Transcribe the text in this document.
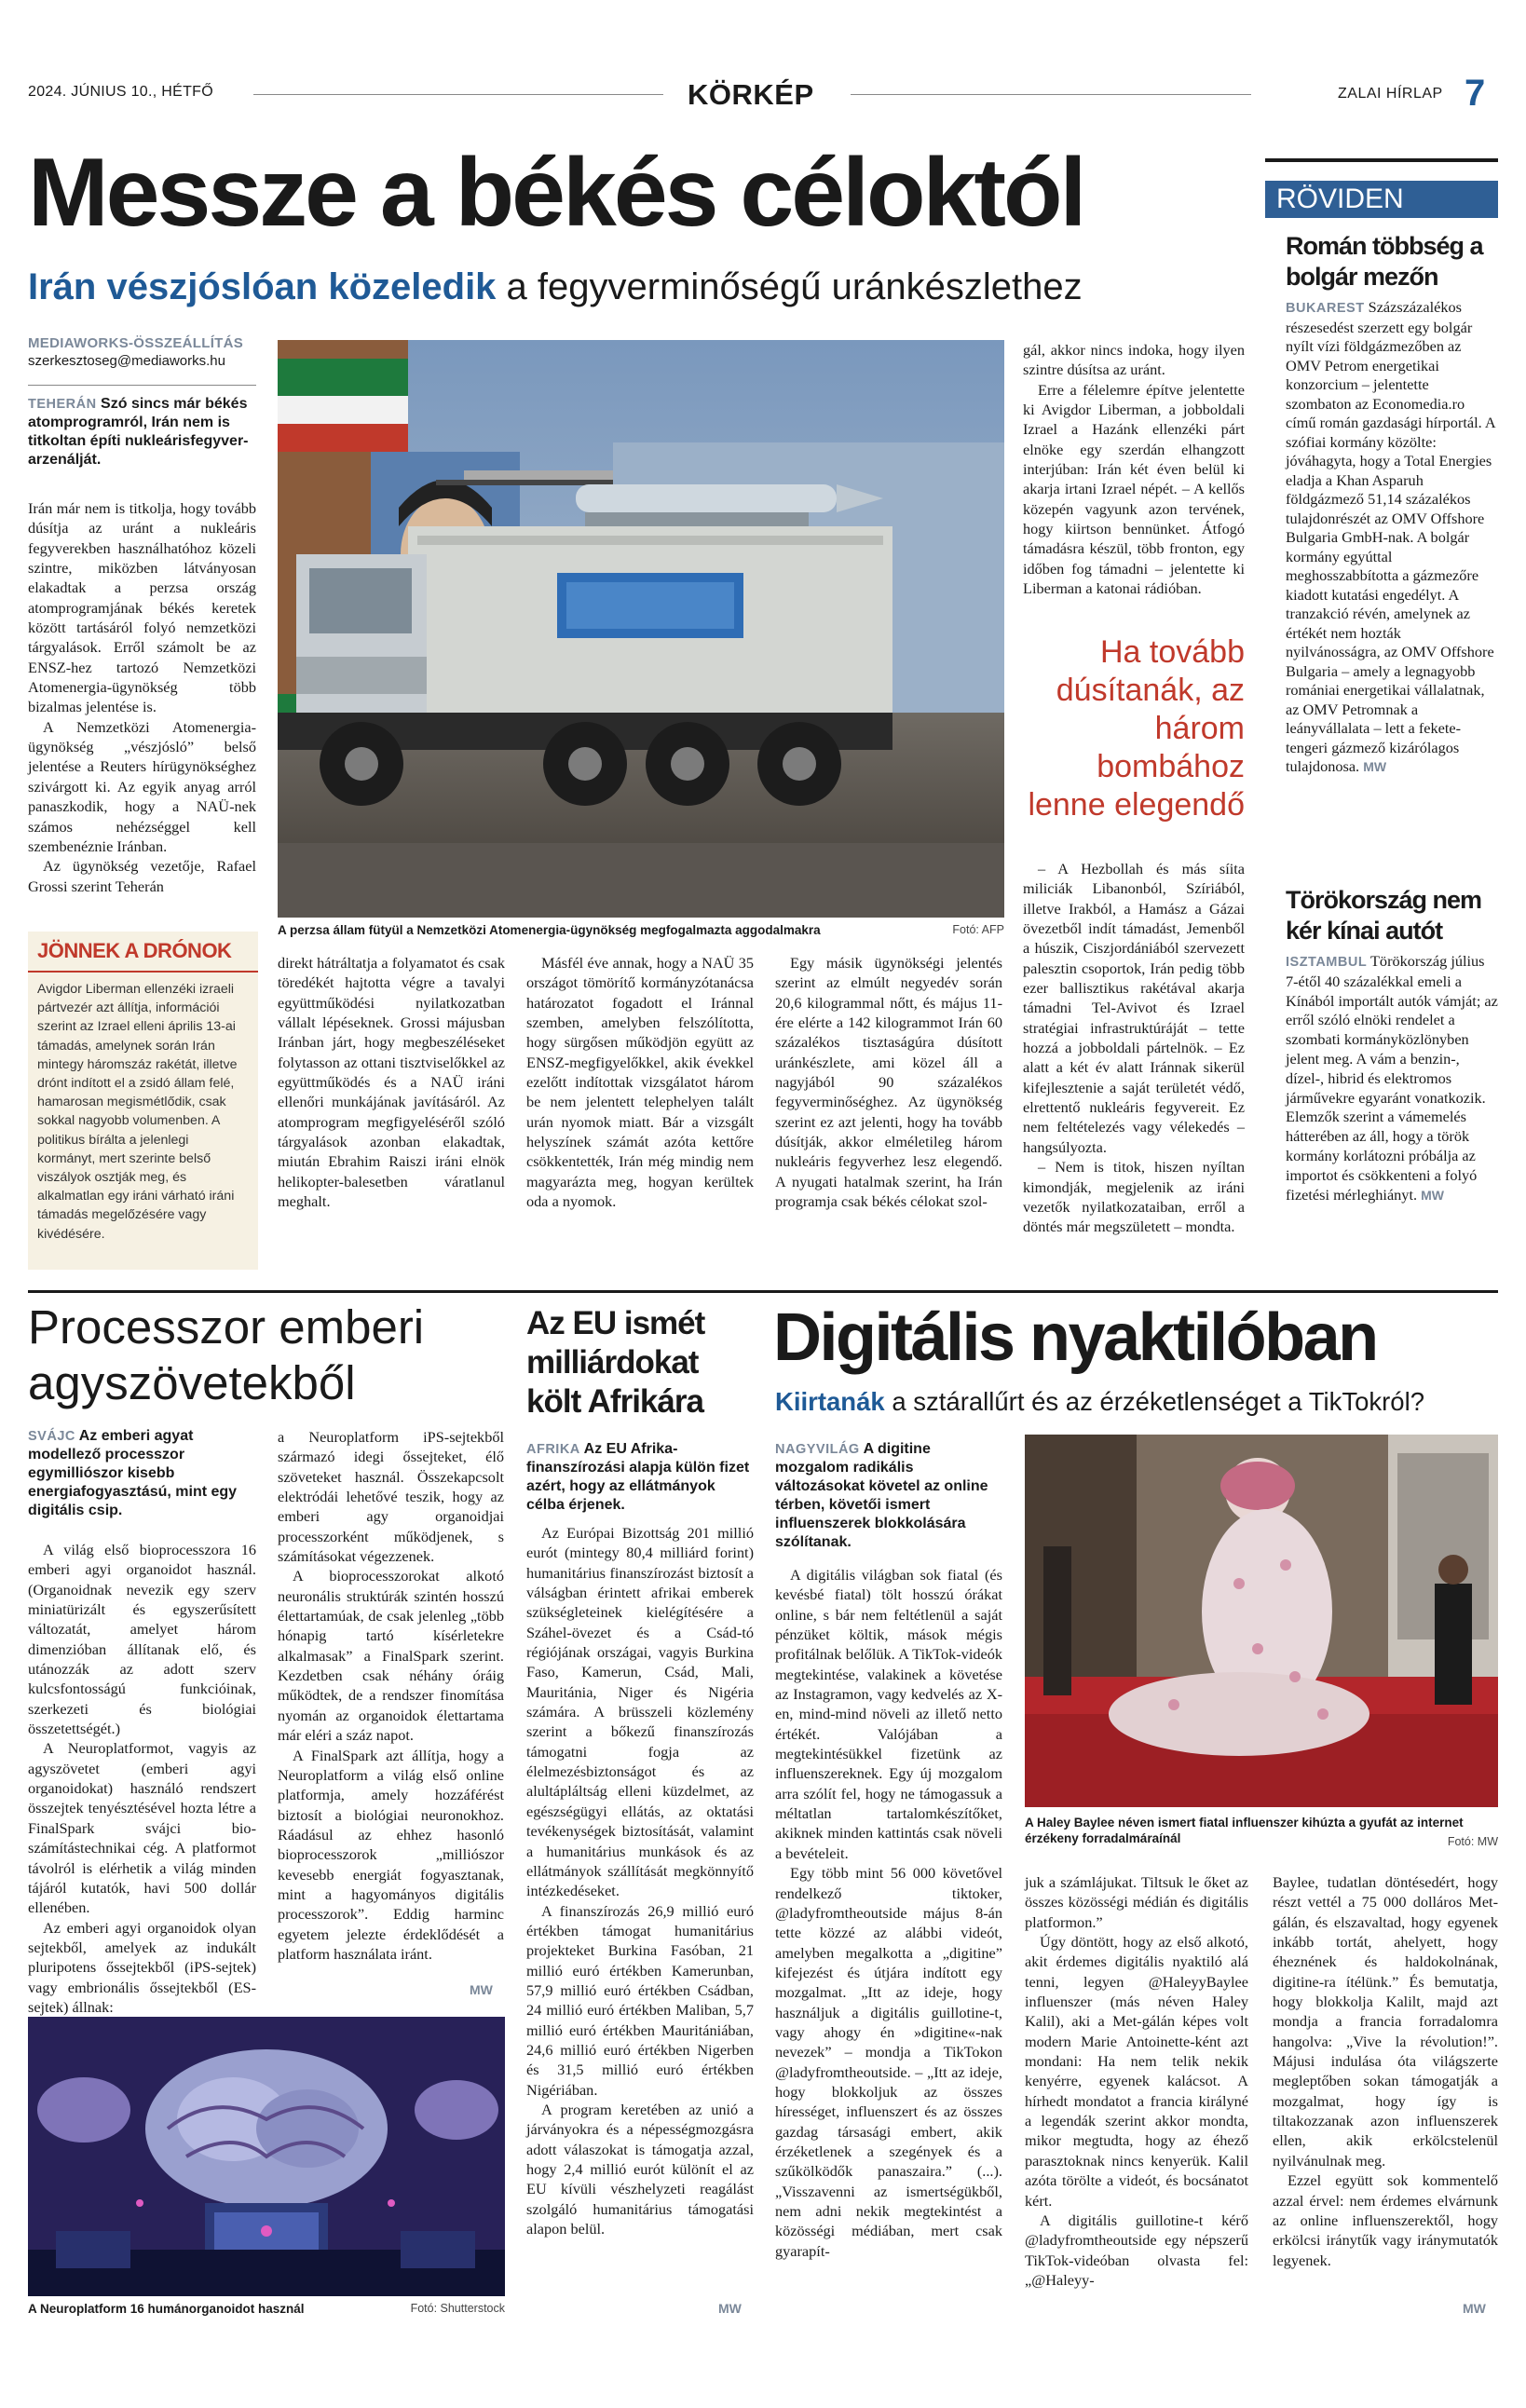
2024. JÚNIUS 10., HÉTFŐ	KÖRKÉP	ZALAI HÍRLAP 7
Messze a békés céloktól
Irán vészjóslóan közeledik a fegyverminőségű uránkészlethez
MEDIAWORKS-ÖSSZEÁLLÍTÁS
szerkesztoseg@mediaworks.hu
TEHERÁN Szó sincs már békés atomprogramról, Irán nem is titkoltan építi nukleárisfegyver-arzenálját.

Irán már nem is titkolja, hogy tovább dúsítja az uránt a nukleáris fegyverekben használhatóhoz közeli szintre, miközben látványosan elakadtak a perzsa ország atomprogramjának békés keretek között tartásáról folyó nemzetközi tárgyalások. Erről számolt be az ENSZ-hez tartozó Nemzetközi Atomenergia-ügynökség több bizalmas jelentése is.

A Nemzetközi Atomenergia-ügynökség „vészjósló” belső jelentése a Reuters hírügynökséghez szivárgott ki. Az egyik anyag arról panaszkodik, hogy a NAÜ-nek számos nehézséggel kell szembenéznie Iránban.

Az ügynökség vezetője, Rafael Grossi szerint Teherán

JÖNNEK A DRÓNOK
Avigdor Liberman ellenzéki izraeli pártvezér azt állítja, információi szerint az Izrael elleni április 13-ai támadás, amelynek során Irán mintegy háromszáz rakétát, illetve drónt indított el a zsidó állam felé, hamarosan megismétlődik, csak sokkal nagyobb volumenben. A politikus bírálta a jelenlegi kormányt, mert szerinte belső viszályok osztják meg, és alkalmatlan egy iráni várható iráni támadás megelőzésére vagy kivédésére.
A perzsa állam fütyül a Nemzetközi Atomenergia-ügynökség megfogalmazta aggodalmakra	Fotó: AFP

direkt hátráltatja a folyamatot és csak töredékét hajtotta végre a tavalyi együttműködési nyilatkozatban vállalt lépéseknek. Grossi májusban Iránban járt, hogy megbeszéléseket folytasson az ottani tisztviselőkkel az együttműködés és a NAÜ iráni ellenőri munkájának javításáról. Az atomprogram megfigyeléséről szóló tárgyalások azonban elakadtak, miután Ebrahim Raiszi iráni elnök helikopter-balesetben váratlanul meghalt.

Másfél éve annak, hogy a NAÜ 35 országot tömörítő kormányzótanácsa határozatot fogadott el Iránnal szemben, amelyben felszólította, hogy sürgősen működjön együtt az ENSZ-megfigyelőkkel, akik évekkel ezelőtt indítottak vizsgálatot három be nem jelentett telephelyen talált urán nyomok miatt. Bár a vizsgált helyszínek számát azóta kettőre csökkentették, Irán még mindig nem magyarázta meg, hogyan kerültek oda a nyomok.

Egy másik ügynökségi jelentés szerint az elmúlt negyedév során 20,6 kilogrammal nőtt, és május 11-ére elérte a 142 kilogrammot Irán 60 százalékos tisztaságúra dúsított uránkészlete, ami közel áll a nagyjából 90 százalékos fegyverminőséghez. Az ügynökség szerint ez azt jelenti, hogy ha tovább dúsítják, akkor elméletileg három nukleáris fegyverhez lesz elegendő. A nyugati hatalmak szerint, ha Irán programja csak békés célokat szol-

gál, akkor nincs indoka, hogy ilyen szintre dúsítsa az uránt.

Erre a félelemre építve jelentette ki Avigdor Liberman, a jobboldali Izrael a Hazánk ellenzéki párt elnöke egy szerdán elhangzott interjúban: Irán két éven belül ki akarja irtani Izrael népét. – A kellős közepén vagyunk azon tervének, hogy kiirtson bennünket. Átfogó támadásra készül, több fronton, egy időben fog támadni – jelentette ki Liberman a katonai rádióban.

Ha tovább dúsítanák, az három bombához lenne elegendő

– A Hezbollah és más síita miliciák Libanonból, Szíriából, illetve Irakból, a Hamász a Gázai övezetből indít támadást, Jemenből a húszik, Ciszjordániából szervezett palesztin csoportok, Irán pedig több ezer ballisztikus rakétával akarja támadni Tel-Avivot és Izrael stratégiai infrastruktúráját – tette hozzá a jobboldali pártelnök. – Ez alatt a két év alatt Iránnak sikerül kifejlesztenie a saját területét védő, elrettentő nukleáris fegyvereit. Ez nem feltételezés vagy vélekedés – hangsúlyozta.

– Nem is titok, hiszen nyíltan kimondják, megjelenik az iráni vezetők nyilatkozataiban, erről a döntés már megszületett – mondta.

RÖVIDEN
Román többség a bolgár mezőn
BUKAREST Százszázalékos részesedést szerzett egy bolgár nyílt vízi földgázmezőben az OMV Petrom energetikai konzorcium – jelentette szombaton az Economedia.ro című román gazdasági hírportál. A szófiai kormány közölte: jóváhagyta, hogy a Total Energies eladja a Khan Asparuh földgázmező 51,14 százalékos tulajdonrészét az OMV Offshore Bulgaria GmbH-nak. A bolgár kormány egyúttal meghosszabbította a gázmezőre kiadott kutatási engedélyt. A tranzakció révén, amelynek az értékét nem hozták nyilvánosságra, az OMV Offshore Bulgaria – amely a legnagyobb romániai energetikai vállalatnak, az OMV Petromnak a leányvállalata – lett a fekete-tengeri gázmező kizárólagos tulajdonosa. MW
Törökország nem kér kínai autót
ISZTAMBUL Törökország július 7-étől 40 százalékkal emeli a Kínából importált autók vámját; az erről szóló elnöki rendelet a szombati kormányközlönyben jelent meg. A vám a benzin-, dízel-, hibrid és elektromos járművekre egyaránt vonatkozik. Elemzők szerint a vámemelés hátterében az áll, hogy a török kormány korlátozni próbálja az importot és csökkenteni a folyó fizetési mérleghiányt. MW
Processzor emberi agyszövetekből
SVÁJC Az emberi agyat modellező processzor egymilliószor kisebb energiafogyasztású, mint egy digitális csip.

A világ első bioprocesszora 16 emberi agyi organoidot használ. (Organoidnak nevezik egy szerv miniatürizált és egyszerűsített változatát, amelyet három dimenzióban állítanak elő, és utánozzák az adott szerv kulcsfontosságú funkcióinak, szerkezeti és biológiai összetettségét.)

A Neuroplatformot, vagyis az agyszövetet (emberi agyi organoidokat) használó rendszert összejtek tenyésztésével hozta létre a FinalSpark svájci bio-számítástechnikai cég. A platformot távolról is elérhetik a világ minden tájáról kutatók, havi 500 dollár ellenében.

Az emberi agyi organoidok olyan sejtekből, amelyek az indukált pluripotens őssejtekből (iPS-sejtek) vagy embrionális őssejtekből (ES-sejtek) állnak:

a Neuroplatform iPS-sejtekből származó idegi őssejteket, élő szöveteket használ. Összekapcsolt elektródái lehetővé teszik, hogy az emberi agy organoidjai processzorként működjenek, s számításokat végezzenek.

A bioprocesszorokat alkotó neuronális struktúrák szintén hosszú élettartamúak, de csak jelenleg „több hónapig tartó kísérletekre alkalmasak” a FinalSpark szerint. Kezdetben csak néhány óráig működtek, de a rendszer finomítása nyomán az organoidok élettartama már eléri a száz napot.

A FinalSpark azt állítja, hogy a Neuroplatform a világ első online platformja, amely hozzáférést biztosít a biológiai neuronokhoz. Ráadásul az ehhez hasonló bioprocesszorok „milliószor kevesebb energiát fogyasztanak, mint a hagyományos digitális processzorok”. Eddig harminc egyetem jelezte érdeklődését a platform használata iránt.

MW
A Neuroplatform 16 humánorganoidot használ	Fotó: Shutterstock
Az EU ismét milliárdokat költ Afrikára
AFRIKA Az EU Afrika-finanszírozási alapja külön fizet azért, hogy az ellátmányok célba érjenek.

Az Európai Bizottság 201 millió eurót (mintegy 80,4 milliárd forint) humanitárius finanszírozást biztosít a válságban érintett afrikai emberek szükségleteinek kielégítésére a Száhel-övezet és a Csád-tó régiójának országai, vagyis Burkina Faso, Kamerun, Csád, Mali, Mauritánia, Niger és Nigéria számára. A brüsszeli közlemény szerint a bőkezű finanszírozás támogatni fogja az élelmezésbiztonságot és az alultápláltság elleni küzdelmet, az egészségügyi ellátás, az oktatási tevékenységek biztosítását, valamint a humanitárius munkások és az ellátmányok szállítását megkönnyítő intézkedéseket.

A finanszírozás 26,9 millió euró értékben támogat humanitárius projekteket Burkina Fasóban, 21 millió euró értékben Kamerunban, 57,9 millió euró értékben Csádban, 24 millió euró értékben Maliban, 5,7 millió euró értékben Mauritániában, 24,6 millió euró értékben Nigerben és 31,5 millió euró értékben Nigériában.

A program keretében az unió a járványokra és a népességmozgásra adott válaszokat is támogatja azzal, hogy 2,4 millió eurót különít el az EU kívüli vészhelyzeti reagálást szolgáló humanitárius támogatási alapon belül.

MW
Digitális nyaktilóban
Kiirtanák a sztárallűrt és az érzéketlenséget a TikTokról?
NAGYVILÁG A digitine mozgalom radikális változásokat követel az online térben, követői ismert influenszerek blokkolására szólítanak.

A digitális világban sok fiatal (és kevésbé fiatal) tölt hosszú órákat online, s bár nem feltétlenül a saját pénzüket költik, mások mégis profitálnak belőlük. A TikTok-videók megtekintése, valakinek a követése az Instagramon, vagy kedvelés az X-en, mind-mind növeli az illető netto értékét. Valójában a megtekintésükkel fizetünk az influenszereknek. Egy új mozgalom arra szólít fel, hogy ne támogassuk a méltatlan tartalomkészítőket, akiknek minden kattintás csak növeli a bevételeit.

Egy több mint 56 000 követővel rendelkező tiktoker, @ladyfromtheoutside május 8-án tette közzé az alábbi videót, amelyben megalkotta a „digitine” kifejezést és útjára indított egy mozgalmat. „Itt az ideje, hogy használjuk a digitális guillotine-t, vagy ahogy én »digitine«-nak nevezek” – mondja a TikTokon @ladyfromtheoutside. – „Itt az ideje, hogy blokkoljuk az összes hírességet, influenszert és az összes gazdag társasági embert, akik érzéketlenek a szegények és a szűkölködők panaszaira.” (...).„Visszavenni az ismertségükből, nem adni nekik megtekintést a közösségi médiában, mert csak gyarapít-

A Haley Baylee néven ismert fiatal influenszer kihúzta a gyufát az internet érzékeny forradalmáraínál	Fotó: MW

juk a számlájukat. Tiltsuk le őket az összes közösségi médián és digitális platformon.”

Úgy döntött, hogy az első alkotó, akit érdemes digitális nyaktiló alá tenni, legyen @HaleyyBaylee influenszer (más néven Haley Kalil), aki a Met-gálán képes volt modern Marie Antoinette-ként azt mondani: Ha nem telik nekik kenyérre, egyenek kalácsot. A hírhedt mondatot a francia királyné a legendák szerint akkor mondta, mikor megtudta, hogy az éhező parasztoknak nincs kenyerük. Kalil azóta törölte a videót, és bocsánatot kért.

A digitális guillotine-t kérő @ladyfromtheoutside egy népszerű TikTok-videóban olvasta fel: „@Haleyy-

Baylee, tudatlan döntésedért, hogy részt vettél a 75 000 dolláros Met-gálán, és elszavaltad, hogy egyenek inkább tortát, ahelyett, hogy éheznének és haldokolnának, digitine-ra ítélünk.” És bemutatja, hogy blokkolja Kalilt, majd azt mondja a francia forradalomra hangolva: „Vive la révolution!”. Májusi indulása óta világszerte megleptőben sokan támogatják a mozgalmat, hogy így is tiltakozzanak azon influenszerek ellen, akik erkölcstelenül nyilvánulnak meg.

Ezzel együtt sok kommentelő azzal érvel: nem érdemes elvárnunk az online influenszerektől, hogy erkölcsi iránytűk vagy iránymutatók legyenek.

MW
